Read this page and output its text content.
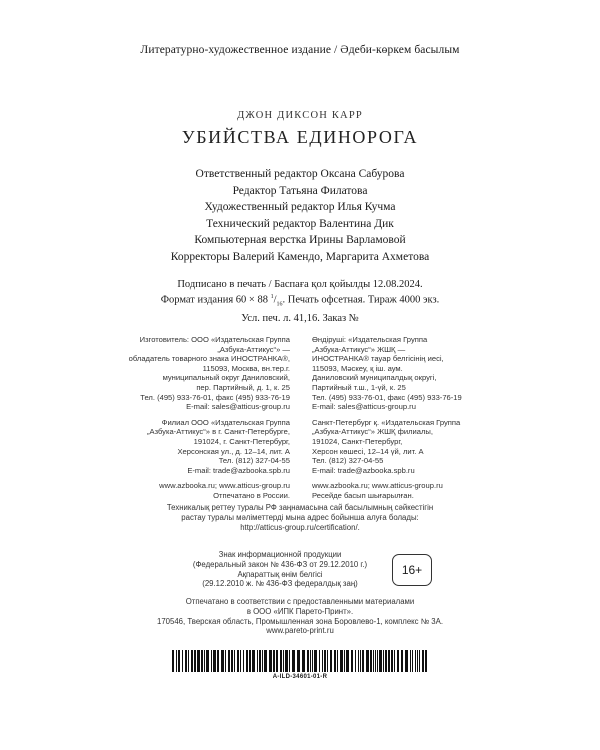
Литературно-художественное издание / Әдеби-көркем басылым
ДЖОН ДИКСОН КАРР
УБИЙСТВА ЕДИНОРОГА
Ответственный редактор Оксана Сабурова
Редактор Татьяна Филатова
Художественный редактор Илья Кучма
Технический редактор Валентина Дик
Компьютерная верстка Ирины Варламовой
Корректоры Валерий Камендо, Маргарита Ахметова
Подписано в печать / Баспаға қол қойылды 12.08.2024.
Формат издания 60 × 88 $^1/_{16}$. Печать офсетная. Тираж 4000 экз.
Усл. печ. л. 41,16. Заказ №
Изготовитель: ООО «Издательская Группа
„Азбука-Аттикус“» —
обладатель товарного знака ИНОСТРАНКА®,
115093, Москва, вн.тер.г.
муниципальный округ Даниловский,
пер. Партийный, д. 1, к. 25
Тел. (495) 933-76-01, факс (495) 933-76-19
E-mail: sales@atticus-group.ru
Филиал ООО «Издательская Группа
„Азбука-Аттикус“» в г. Санкт-Петербурге,
191024, г. Санкт-Петербург,
Херсонская ул., д. 12–14, лит. А
Тел. (812) 327-04-55
E-mail: trade@azbooka.spb.ru
www.azbooka.ru; www.atticus-group.ru
Отпечатано в России.
Өндіруші: «Издательская Группа
„Азбука-Аттикус“» ЖШҚ —
ИНОСТРАНКА® тауар белгісінің иесі,
115093, Мәскеу, қ іш. аум.
Даниловский муниципалдық округі,
Партийный т.ш., 1-үй, к. 25
Тел. (495) 933-76-01, факс (495) 933-76-19
E-mail: sales@atticus-group.ru
Санкт-Петербург қ. «Издательская Группа
„Азбука-Аттикус“» ЖШҚ филиалы,
191024, Санкт-Петербург,
Херсон көшесі, 12–14 үй, лит. А
Тел. (812) 327-04-55
E-mail: trade@azbooka.spb.ru
www.azbooka.ru; www.atticus-group.ru
Ресейде басып шығарылған.
Техникалық реттеу туралы РФ заңнамасына сай басылымның сәйкестігін
растау туралы мәліметтерді мына адрес бойынша алуға болады:
http://atticus-group.ru/certification/.
Знак информационной продукции
(Федеральный закон № 436-ФЗ от 29.12.2010 г.)
Ақпараттық өнім белгісі
(29.12.2010 ж. № 436-ФЗ федералдық заң)
16+
Отпечатано в соответствии с предоставленными материалами
в ООО «ИПК Парето-Принт».
170546, Тверская область, Промышленная зона Боровлево-1, комплекс № 3А.
www.pareto-print.ru
A-ILD-34601-01-R
